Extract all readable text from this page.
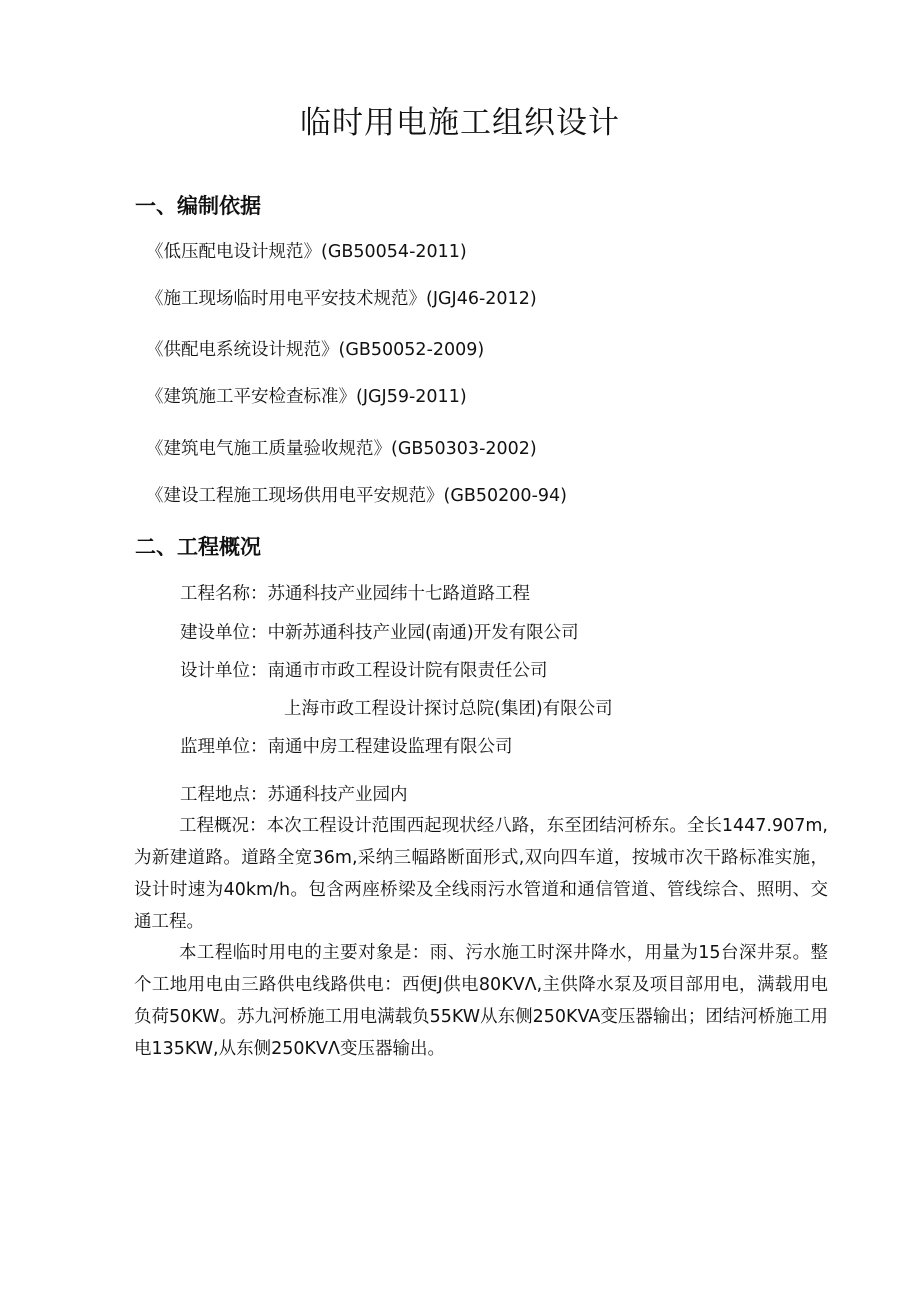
临时用电施工组织设计
一、编制依据

《低压配电设计规范》(GB50054-2011)

《施工现场临时用电平安技术规范》(JGJ46-2012)

《供配电系统设计规范》(GB50052-2009)

《建筑施工平安检查标准》(JGJ59-2011)

《建筑电气施工质量验收规范》(GB50303-2002)

《建设工程施工现场供用电平安规范》(GB50200-94)

二、工程概况

工程名称：苏通科技产业园纬十七路道路工程

建设单位：中新苏通科技产业园(南通)开发有限公司

设计单位：南通市市政工程设计院有限责任公司

上海市政工程设计探讨总院(集团)有限公司

监理单位：南通中房工程建设监理有限公司

工程地点：苏通科技产业园内

工程概况：本次工程设计范围西起现状经八路，东至团结河桥东。全长1447.907m,为新建道路。道路全宽36m,采纳三幅路断面形式,双向四车道，按城市次干路标准实施，设计时速为40km/h。包含两座桥梁及全线雨污水管道和通信管道、管线综合、照明、交通工程。

本工程临时用电的主要对象是：雨、污水施工时深井降水，用量为15台深井泵。整个工地用电由三路供电线路供电：西便J供电80KVΛ,主供降水泵及项目部用电，满载用电负荷50KW。苏九河桥施工用电满载负55KW从东侧250KVA变压器输出；团结河桥施工用电135KW,从东侧250KVΛ变压器输出。
